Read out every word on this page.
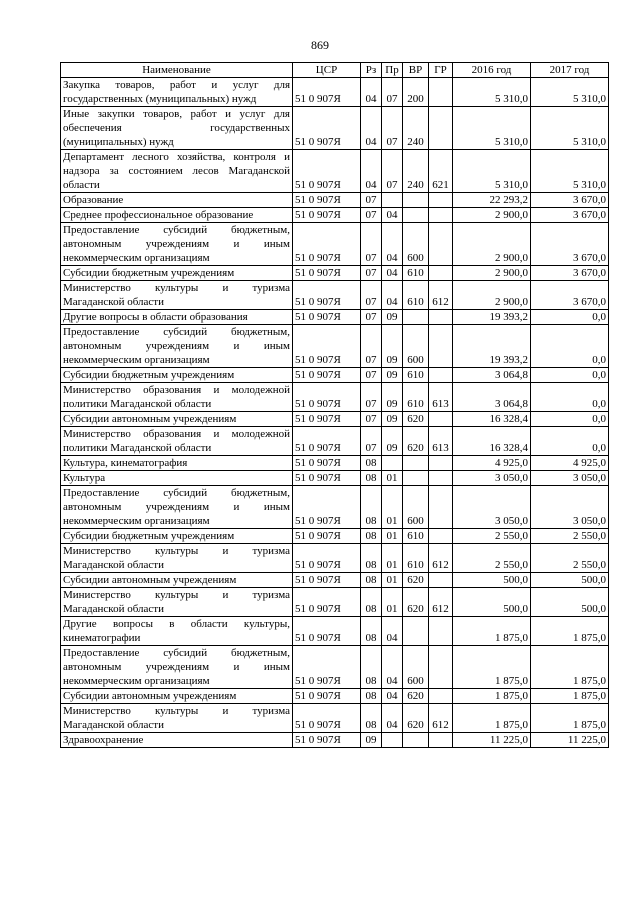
869
Наименование	ЦСР	Рз	Пр	ВР	ГР	2016 год	2017 год
Закупка товаров, работ и услуг для государственных (муниципальных) нужд	51 0 907Я	04	07	200		5 310,0	5 310,0
Иные закупки товаров, работ и услуг для обеспечения государственных (муниципальных) нужд	51 0 907Я	04	07	240		5 310,0	5 310,0
Департамент лесного хозяйства, контроля и надзора за состоянием лесов Магаданской области	51 0 907Я	04	07	240	621	5 310,0	5 310,0
Образование	51 0 907Я	07				22 293,2	3 670,0
Среднее профессиональное образование	51 0 907Я	07	04			2 900,0	3 670,0
Предоставление субсидий бюджетным, автономным учреждениям и иным некоммерческим организациям	51 0 907Я	07	04	600		2 900,0	3 670,0
Субсидии бюджетным учреждениям	51 0 907Я	07	04	610		2 900,0	3 670,0
Министерство культуры и туризма Магаданской области	51 0 907Я	07	04	610	612	2 900,0	3 670,0
Другие вопросы в области образования	51 0 907Я	07	09			19 393,2	0,0
Предоставление субсидий бюджетным, автономным учреждениям и иным некоммерческим организациям	51 0 907Я	07	09	600		19 393,2	0,0
Субсидии бюджетным учреждениям	51 0 907Я	07	09	610		3 064,8	0,0
Министерство образования и молодежной политики Магаданской области	51 0 907Я	07	09	610	613	3 064,8	0,0
Субсидии автономным учреждениям	51 0 907Я	07	09	620		16 328,4	0,0
Министерство образования и молодежной политики Магаданской области	51 0 907Я	07	09	620	613	16 328,4	0,0
Культура, кинематография	51 0 907Я	08				4 925,0	4 925,0
Культура	51 0 907Я	08	01			3 050,0	3 050,0
Предоставление субсидий бюджетным, автономным учреждениям и иным некоммерческим организациям	51 0 907Я	08	01	600		3 050,0	3 050,0
Субсидии бюджетным учреждениям	51 0 907Я	08	01	610		2 550,0	2 550,0
Министерство культуры и туризма Магаданской области	51 0 907Я	08	01	610	612	2 550,0	2 550,0
Субсидии автономным учреждениям	51 0 907Я	08	01	620		500,0	500,0
Министерство культуры и туризма Магаданской области	51 0 907Я	08	01	620	612	500,0	500,0
Другие вопросы в области культуры, кинематографии	51 0 907Я	08	04			1 875,0	1 875,0
Предоставление субсидий бюджетным, автономным учреждениям и иным некоммерческим организациям	51 0 907Я	08	04	600		1 875,0	1 875,0
Субсидии автономным учреждениям	51 0 907Я	08	04	620		1 875,0	1 875,0
Министерство культуры и туризма Магаданской области	51 0 907Я	08	04	620	612	1 875,0	1 875,0
Здравоохранение	51 0 907Я	09				11 225,0	11 225,0
